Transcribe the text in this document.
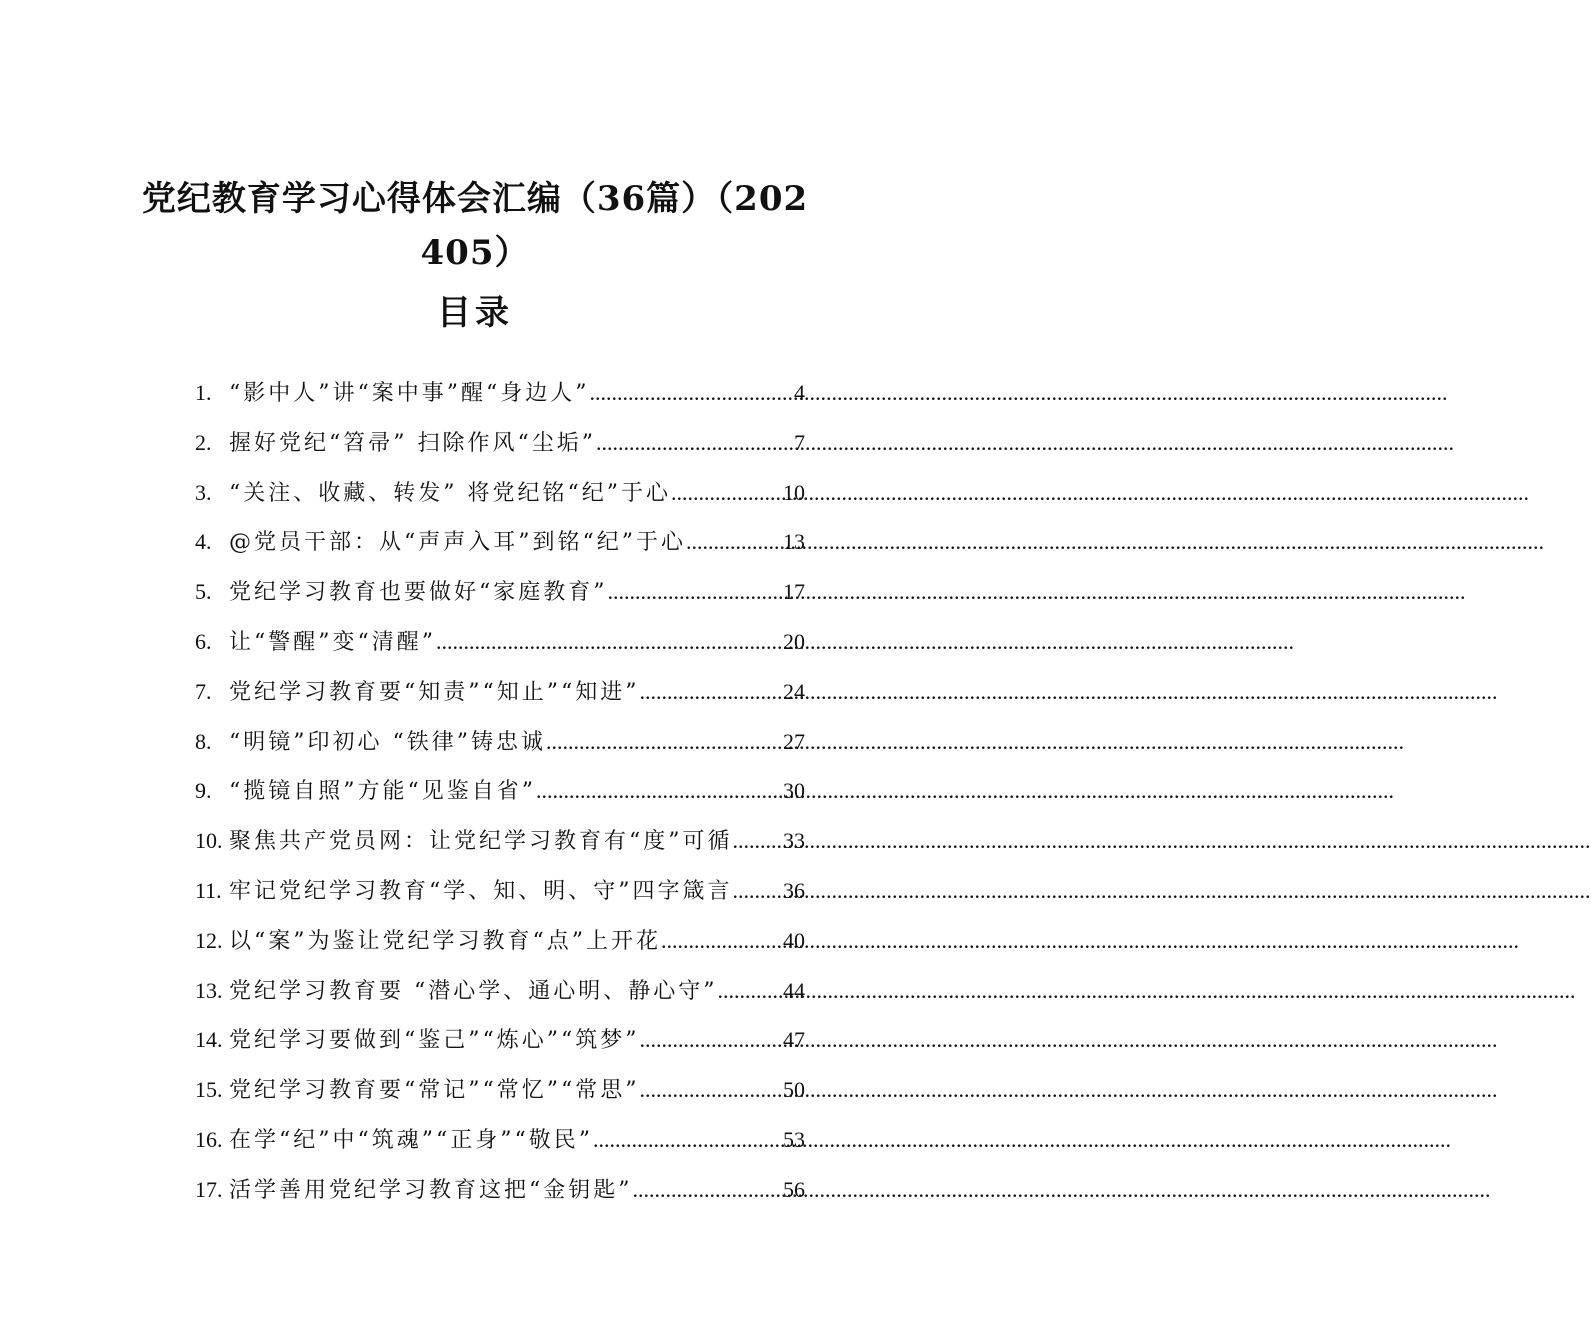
党纪教育学习心得体会汇编（36篇）（202405）
目录
1. “影中人”讲“案中事”醒“身边人” .....	4
2. 握好党纪“笤帚” 扫除作风“尘垢” .....	7
3. “关注、收藏、转发” 将党纪铭“纪”于心 .....	10
4. @党员干部：从“声声入耳”到铭“纪”于心 .....	13
5. 党纪学习教育也要做好“家庭教育” .....	17
6. 让“警醒”变“清醒” .....	20
7. 党纪学习教育要“知责”“知止”“知进” .....	24
8. “明镜”印初心 “铁律”铸忠诚 .....	27
9. “揽镜自照”方能“见鉴自省” .....	30
10. 聚焦共产党员网：让党纪学习教育有“度”可循 ..... 33
11. 牢记党纪学习教育“学、知、明、守”四字箴言 ..... 36
12. 以“案”为鉴让党纪学习教育“点”上开花 .....	40
13. 党纪学习教育要 “潜心学、通心明、静心守” .....	44
14. 党纪学习要做到“鉴己”“炼心”“筑梦” .....	47
15. 党纪学习教育要“常记”“常忆”“常思” .....	50
16. 在学“纪”中“筑魂”“正身”“敬民” .....	53
17. 活学善用党纪学习教育这把“金钥匙” .....	56
